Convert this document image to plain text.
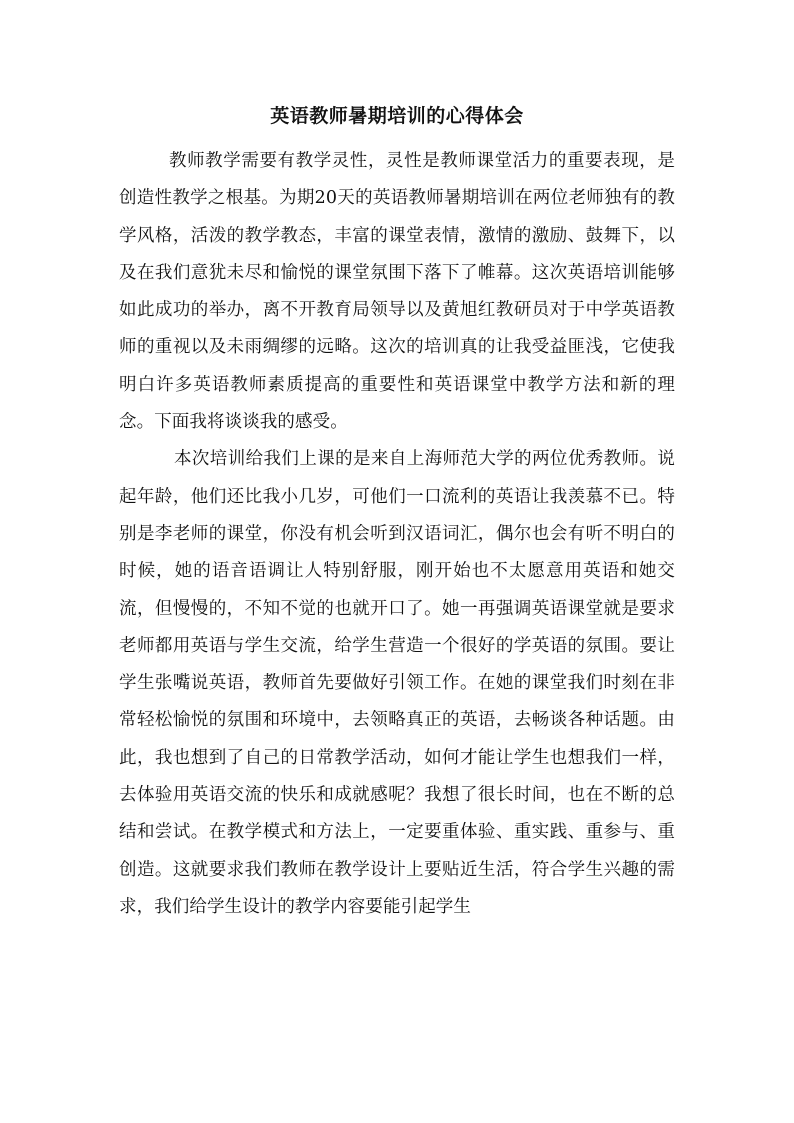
英语教师暑期培训的心得体会

教师教学需要有教学灵性，灵性是教师课堂活力的重要表现，是创造性教学之根基。为期20天的英语教师暑期培训在两位老师独有的教学风格，活泼的教学教态，丰富的课堂表情，激情的激励、鼓舞下，以及在我们意犹未尽和愉悦的课堂氛围下落下了帷幕。这次英语培训能够如此成功的举办，离不开教育局领导以及黄旭红教研员对于中学英语教师的重视以及未雨绸缪的远略。这次的培训真的让我受益匪浅，它使我明白许多英语教师素质提高的重要性和英语课堂中教学方法和新的理念。下面我将谈谈我的感受。

本次培训给我们上课的是来自上海师范大学的两位优秀教师。说起年龄，他们还比我小几岁，可他们一口流利的英语让我羡慕不已。特别是李老师的课堂，你没有机会听到汉语词汇，偶尔也会有听不明白的时候，她的语音语调让人特别舒服，刚开始也不太愿意用英语和她交流，但慢慢的，不知不觉的也就开口了。她一再强调英语课堂就是要求老师都用英语与学生交流，给学生营造一个很好的学英语的氛围。要让学生张嘴说英语，教师首先要做好引领工作。在她的课堂我们时刻在非常轻松愉悦的氛围和环境中，去领略真正的英语，去畅谈各种话题。由此，我也想到了自己的日常教学活动，如何才能让学生也想我们一样，去体验用英语交流的快乐和成就感呢？我想了很长时间，也在不断的总结和尝试。在教学模式和方法上，一定要重体验、重实践、重参与、重创造。这就要求我们教师在教学设计上要贴近生活，符合学生兴趣的需求，我们给学生设计的教学内容要能引起学生
